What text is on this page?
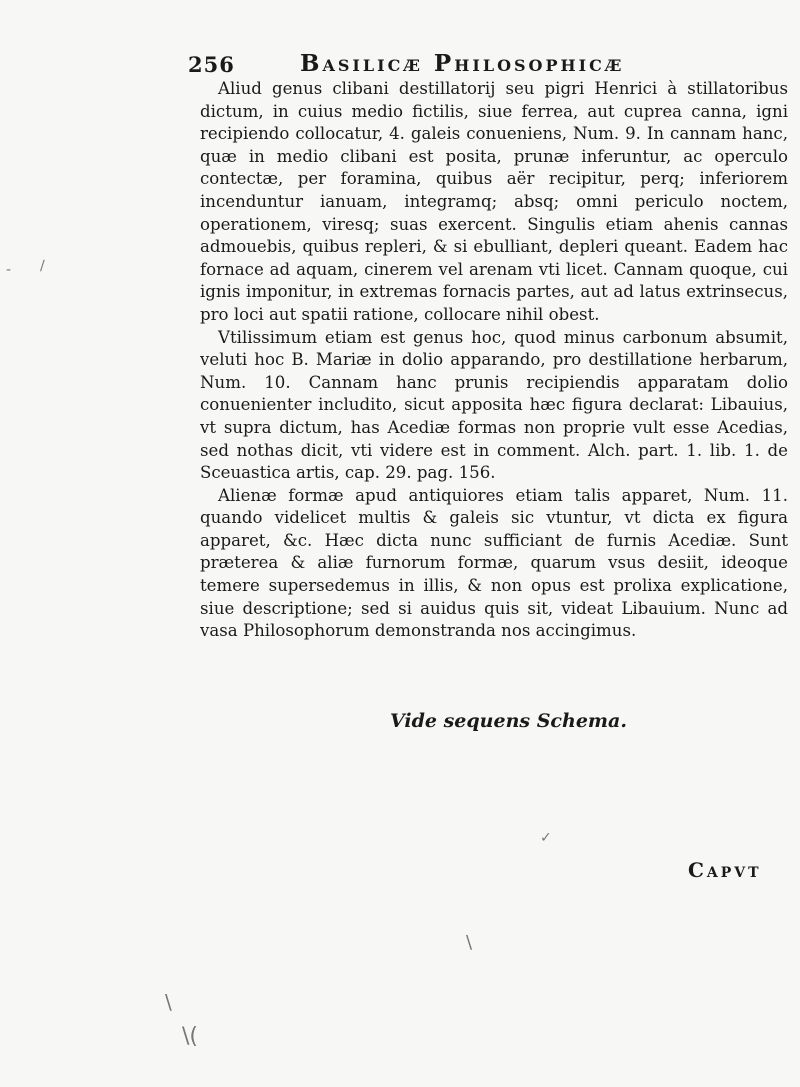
256	Basilicæ Philosophicæ

Aliud genus clibani destillatorij seu pigri Henrici à stillatoribus dictum, in cuius medio fictilis, siue ferrea, aut cuprea canna, igni recipiendo collocatur, 4. galeis conueniens, Num. 9. In cannam hanc, quæ in medio clibani est posita, prunæ inferuntur, ac operculo contectæ, per foramina, quibus aër recipitur, perq; inferiorem incenduntur ianuam, integramq; absq; omni periculo noctem, operationem, viresq; suas exercent. Singulis etiam ahenis cannas admouebis, quibus repleri, & si ebulliant, depleri queant. Eadem hac fornace ad aquam, cinerem vel arenam vti licet. Cannam quoque, cui ignis imponitur, in extremas fornacis partes, aut ad latus extrinsecus, pro loci aut spatii ratione, collocare nihil obest.

Vtilissimum etiam est genus hoc, quod minus carbonum absumit, veluti hoc B. Mariæ in dolio apparando, pro destillatione herbarum, Num. 10. Cannam hanc prunis recipiendis apparatam dolio conuenienter includito, sicut apposita hæc figura declarat: Libauius, vt supra dictum, has Acediæ formas non proprie vult esse Acedias, sed nothas dicit, vti videre est in comment. Alch. part. 1. lib. 1. de Sceuastica artis, cap. 29. pag. 156.

Alienæ formæ apud antiquiores etiam talis apparet, Num. 11. quando videlicet multis & galeis sic vtuntur, vt dicta ex figura apparet, &c. Hæc dicta nunc sufficiant de furnis Acediæ. Sunt præterea & aliæ furnorum formæ, quarum vsus desiit, ideoque temere supersedemus in illis, & non opus est prolixa explicatione, siue descriptione; sed si auidus quis sit, videat Libauium. Nunc ad vasa Philosophorum demonstranda nos accingimus.

Vide sequens Schema.
Capvt
- ∕
✓
\
\(
\
